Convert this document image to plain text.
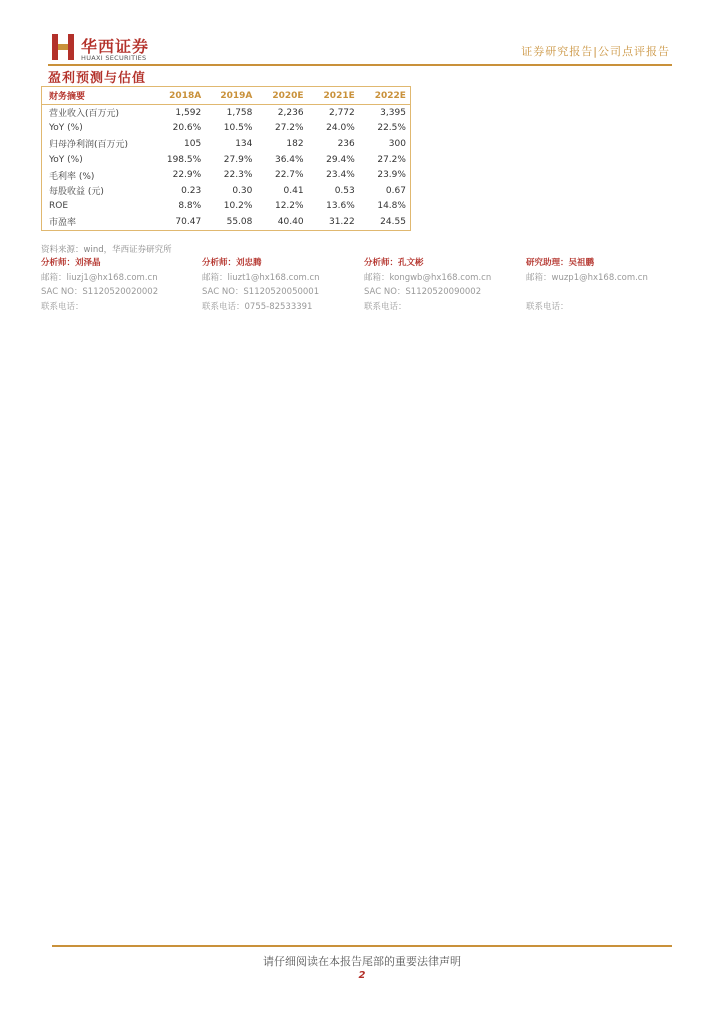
华西证券
HUAXI SECURITIES	证券研究报告|公司点评报告
盈利预测与估值
财务摘要	2018A	2019A	2020E	2021E	2022E
营业收入(百万元)	1,592	1,758	2,236	2,772	3,395
YoY (%)	20.6%	10.5%	27.2%	24.0%	22.5%
归母净利润(百万元)	105	134	182	236	300
YoY (%)	198.5%	27.9%	36.4%	29.4%	27.2%
毛利率 (%)	22.9%	22.3%	22.7%	23.4%	23.9%
每股收益 (元)	0.23	0.30	0.41	0.53	0.67
ROE	8.8%	10.2%	12.2%	13.6%	14.8%
市盈率	70.47	55.08	40.40	31.22	24.55
资料来源：wind，华西证券研究所
分析师：刘泽晶
邮箱：liuzj1@hx168.com.cn
SAC NO：S1120520020002
联系电话：
分析师：刘忠腾
邮箱：liuzt1@hx168.com.cn
SAC NO：S1120520050001
联系电话：0755-82533391
分析师：孔文彬
邮箱：kongwb@hx168.com.cn
SAC NO：S1120520090002
联系电话：
研究助理：吴祖鹏
邮箱：wuzp1@hx168.com.cn

联系电话：
请仔细阅读在本报告尾部的重要法律声明
2
